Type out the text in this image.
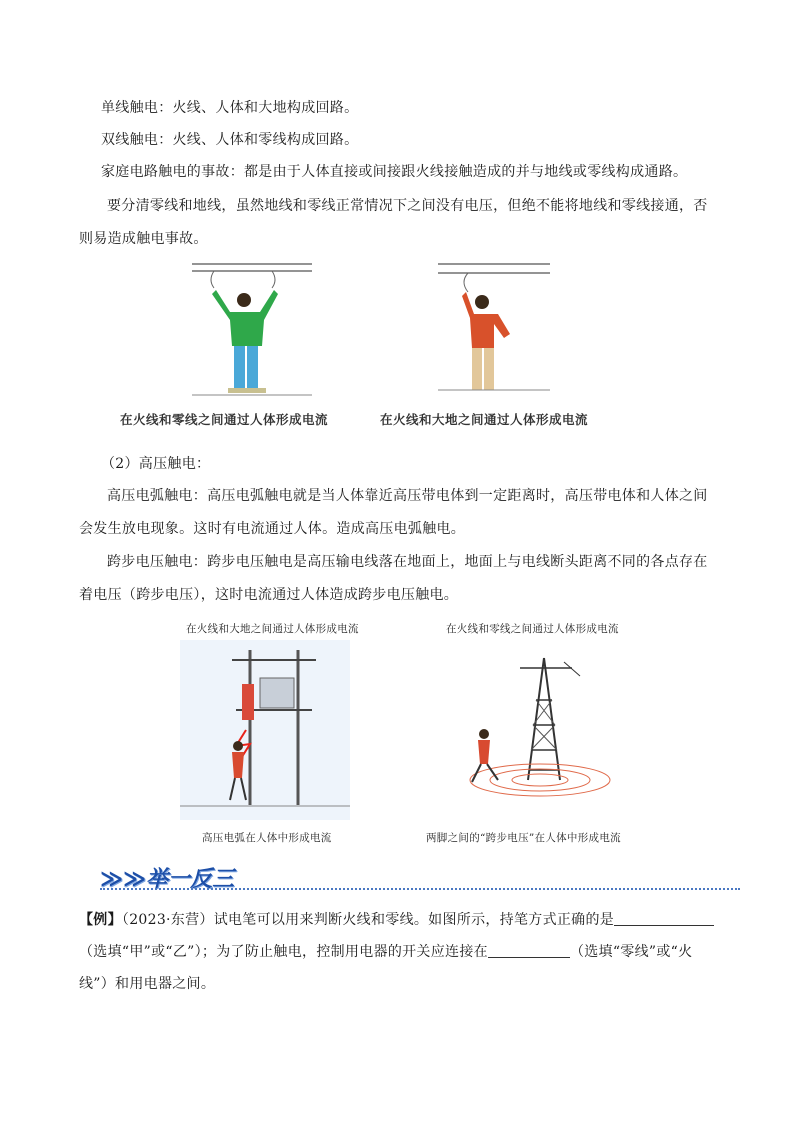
单线触电：火线、人体和大地构成回路。
双线触电：火线、人体和零线构成回路。
家庭电路触电的事故：都是由于人体直接或间接跟火线接触造成的并与地线或零线构成通路。
要分清零线和地线，虽然地线和零线正常情况下之间没有电压，但绝不能将地线和零线接通，否则易造成触电事故。
在火线和零线之间通过人体形成电流	在火线和大地之间通过人体形成电流
（2）高压触电：
高压电弧触电：高压电弧触电就是当人体靠近高压带电体到一定距离时，高压带电体和人体之间会发生放电现象。这时有电流通过人体。造成高压电弧触电。
跨步电压触电：跨步电压触电是高压输电线落在地面上，地面上与电线断头距离不同的各点存在着电压（跨步电压），这时电流通过人体造成跨步电压触电。
在火线和大地之间通过人体形成电流
高压电弧在人体中形成电流
在火线和零线之间通过人体形成电流
两脚之间的“跨步电压”在人体中形成电流
≫≫举一反三
【例】（2023·东营）试电笔可以用来判断火线和零线。如图所示，持笔方式正确的是
（选填“甲”或“乙”）；为了防止触电，控制用电器的开关应连接在	（选填“零线”或“火
线”）和用电器之间。
